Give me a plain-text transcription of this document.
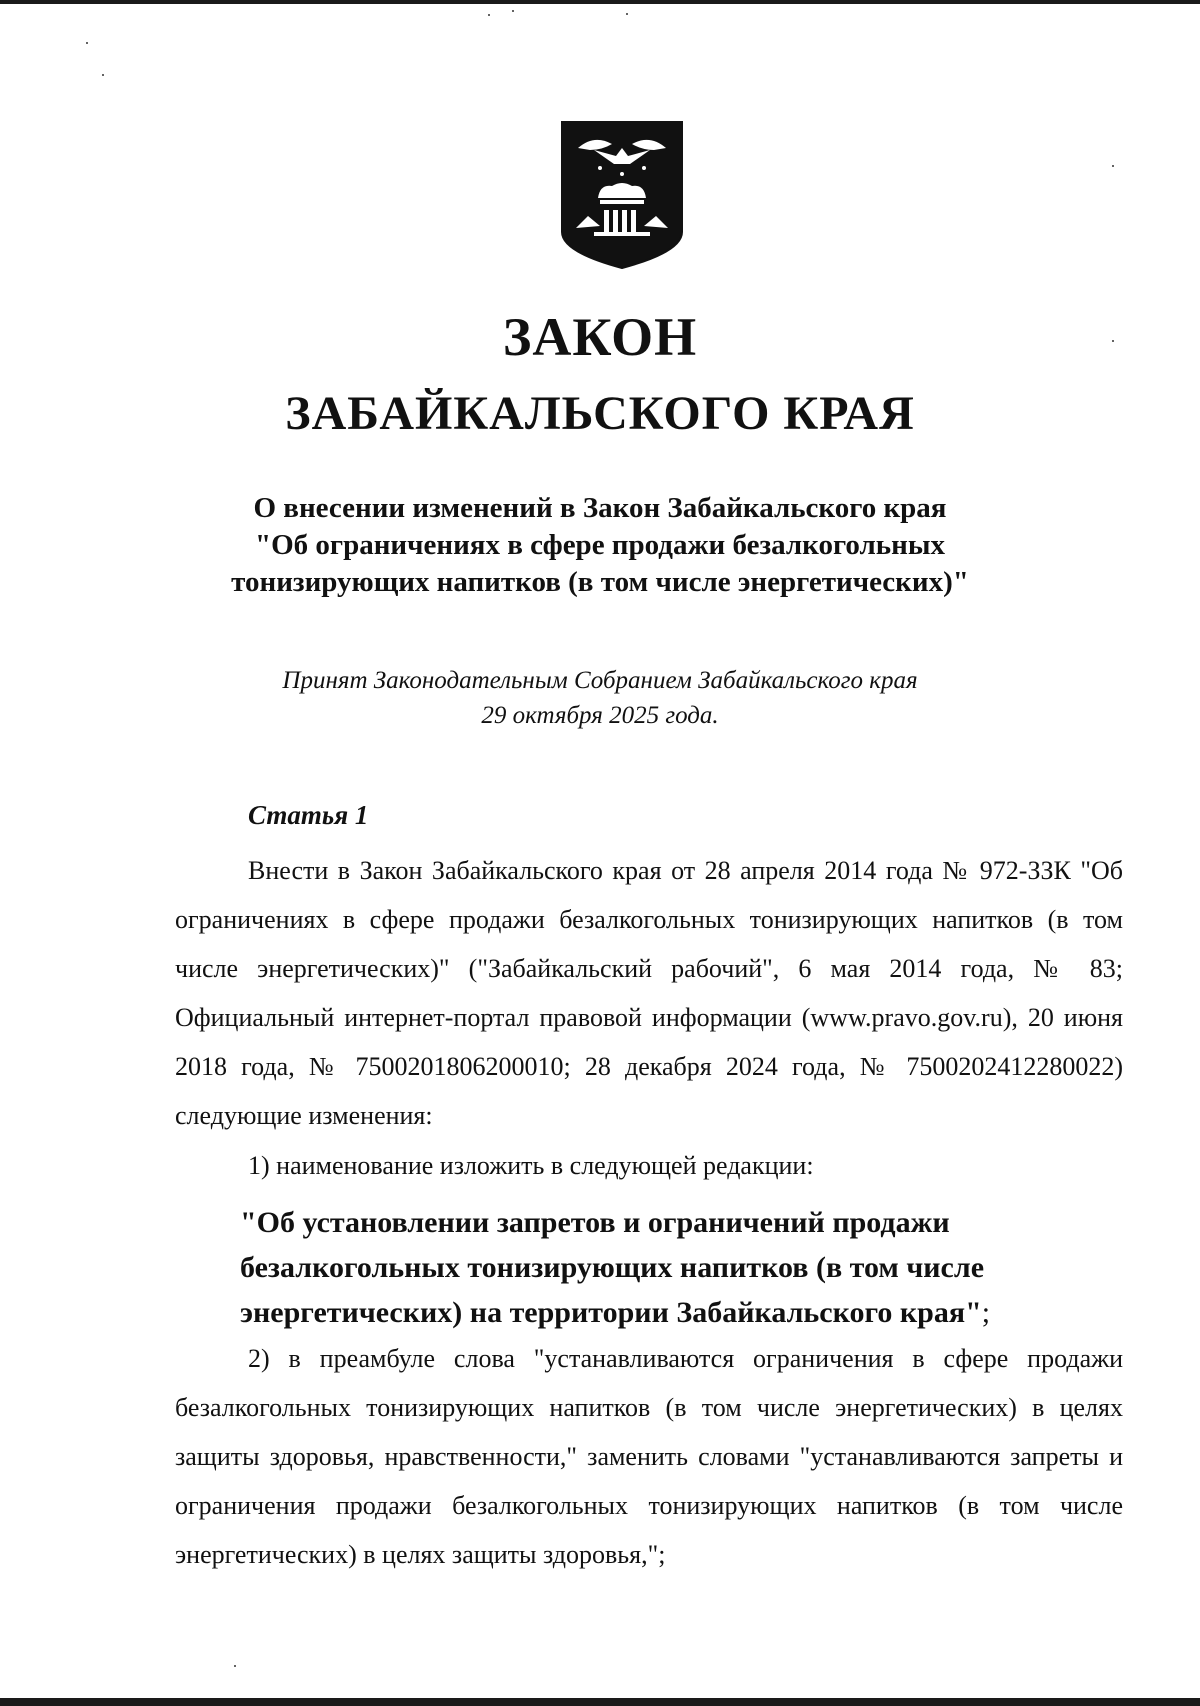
ЗАКОН
ЗАБАЙКАЛЬСКОГО КРАЯ
О внесении изменений в Закон Забайкальского края
"Об ограничениях в сфере продажи безалкогольных
тонизирующих напитков (в том числе энергетических)"
Принят Законодательным Собранием Забайкальского края
29 октября 2025 года.
Статья 1
Внести в Закон Забайкальского края от 28 апреля 2014 года № 972-ЗЗК "Об ограничениях в сфере продажи безалкогольных тонизирующих напитков (в том числе энергетических)" ("Забайкальский рабочий", 6 мая 2014 года, № 83; Официальный интернет-портал правовой информации (www.pravo.gov.ru), 20 июня 2018 года, № 7500201806200010; 28 декабря 2024 года, № 7500202412280022) следующие изменения:
1) наименование изложить в следующей редакции:
"Об установлении запретов и ограничений продажи безалкогольных тонизирующих напитков (в том числе энергетических) на территории Забайкальского края";
2) в преамбуле слова "устанавливаются ограничения в сфере продажи безалкогольных тонизирующих напитков (в том числе энергетических) в целях защиты здоровья, нравственности," заменить словами "устанавливаются запреты и ограничения продажи безалкогольных тонизирующих напитков (в том числе энергетических) в целях защиты здоровья,";
